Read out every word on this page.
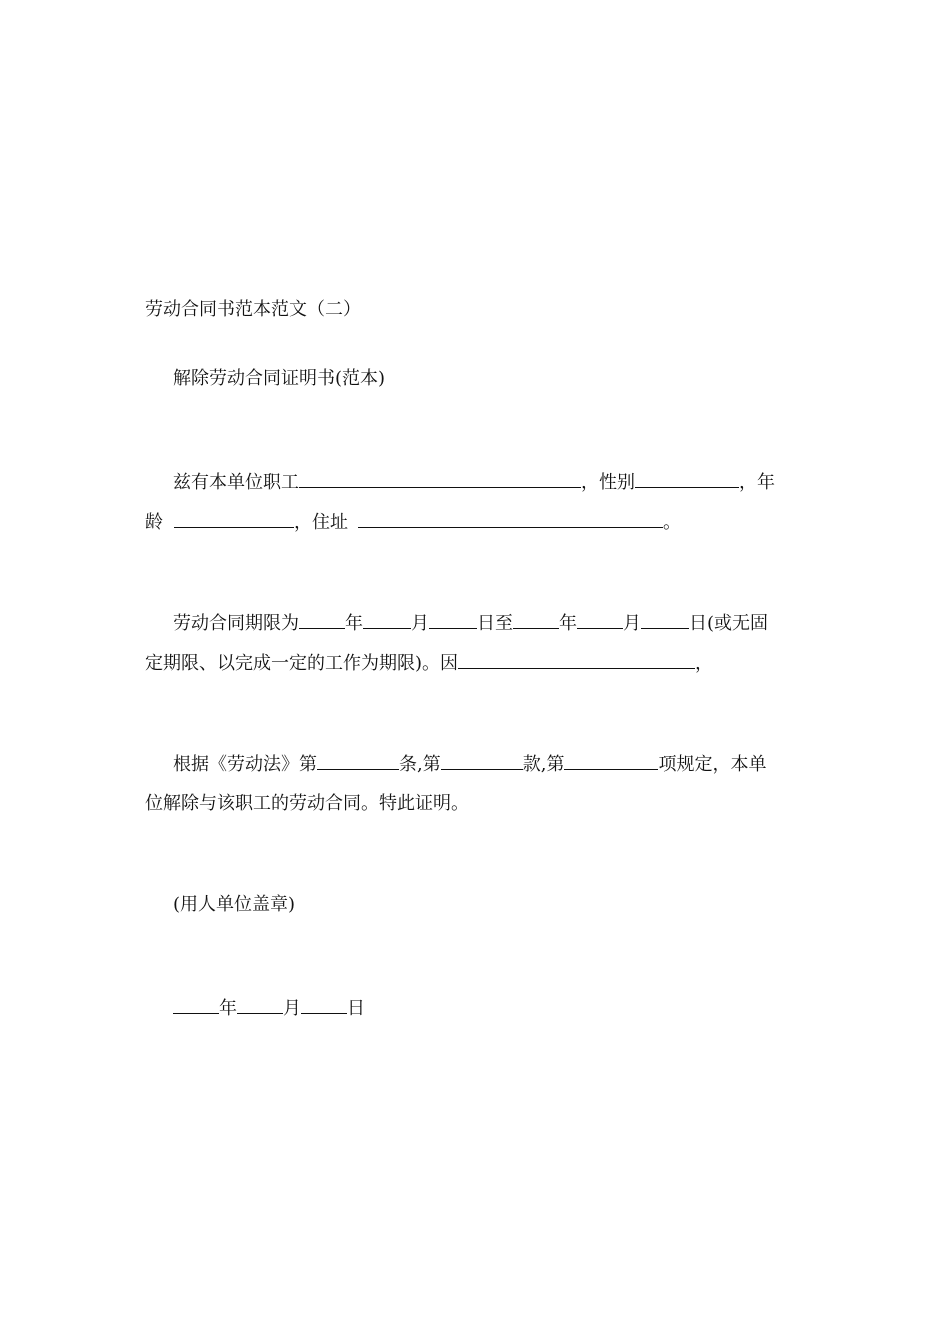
劳动合同书范本范文（二）
解除劳动合同证明书(范本)
兹有本单位职工	，性别	，年
龄	，住址	。
劳动合同期限为	年	月	日至	年	月	日(或无固
定期限、以完成一定的工作为期限)。因	，
根据《劳动法》第	条,第	款,第	项规定，本单
位解除与该职工的劳动合同。特此证明。
(用人单位盖章)
年	月	日
